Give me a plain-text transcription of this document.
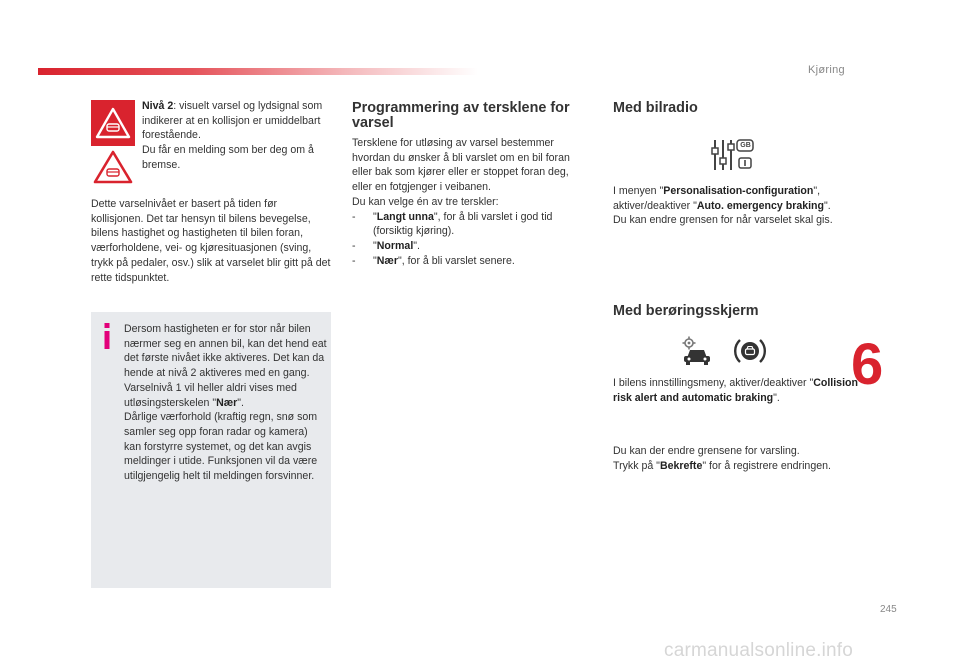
Kjøring
Nivå 2: visuelt varsel og lydsignal som indikerer at en kollisjon er umiddelbart forestående.
Du får en melding som ber deg om å bremse.
Dette varselnivået er basert på tiden før kollisjonen. Det tar hensyn til bilens bevegelse, bilens hastighet og hastigheten til bilen foran, værforholdene, vei- og kjøresituasjonen (sving, trykk på pedaler, osv.) slik at varselet blir gitt på det rette tidspunktet.
Dersom hastigheten er for stor når bilen nærmer seg en annen bil, kan det hend eat det første nivået ikke aktiveres. Det kan da hende at nivå 2 aktiveres med en gang.
Varselnivå 1 vil heller aldri vises med utløsingsterskelen "Nær".
Dårlige værforhold (kraftig regn, snø som samler seg opp foran radar og kamera) kan forstyrre systemet, og det kan avgis meldinger i utide. Funksjonen vil da være utilgjengelig helt til meldingen forsvinner.
Programmering av tersklene for varsel
Tersklene for utløsing av varsel bestemmer hvordan du ønsker å bli varslet om en bil foran eller bak som kjører eller er stoppet foran deg, eller en fotgjenger i veibanen.
Du kan velge én av tre terskler:
- "Langt unna", for å bli varslet i god tid (forsiktig kjøring).
- "Normal".
- "Nær", for å bli varslet senere.
Med bilradio
GB
I menyen "Personalisation-configuration", aktiver/deaktiver "Auto. emergency braking".
Du kan endre grensen for når varselet skal gis.
Med berøringsskjerm
I bilens innstillingsmeny, aktiver/deaktiver "Collision risk alert and automatic braking".
Du kan der endre grensene for varsling.
Trykk på "Bekrefte" for å registrere endringen.
6
245
carmanualsonline.info
